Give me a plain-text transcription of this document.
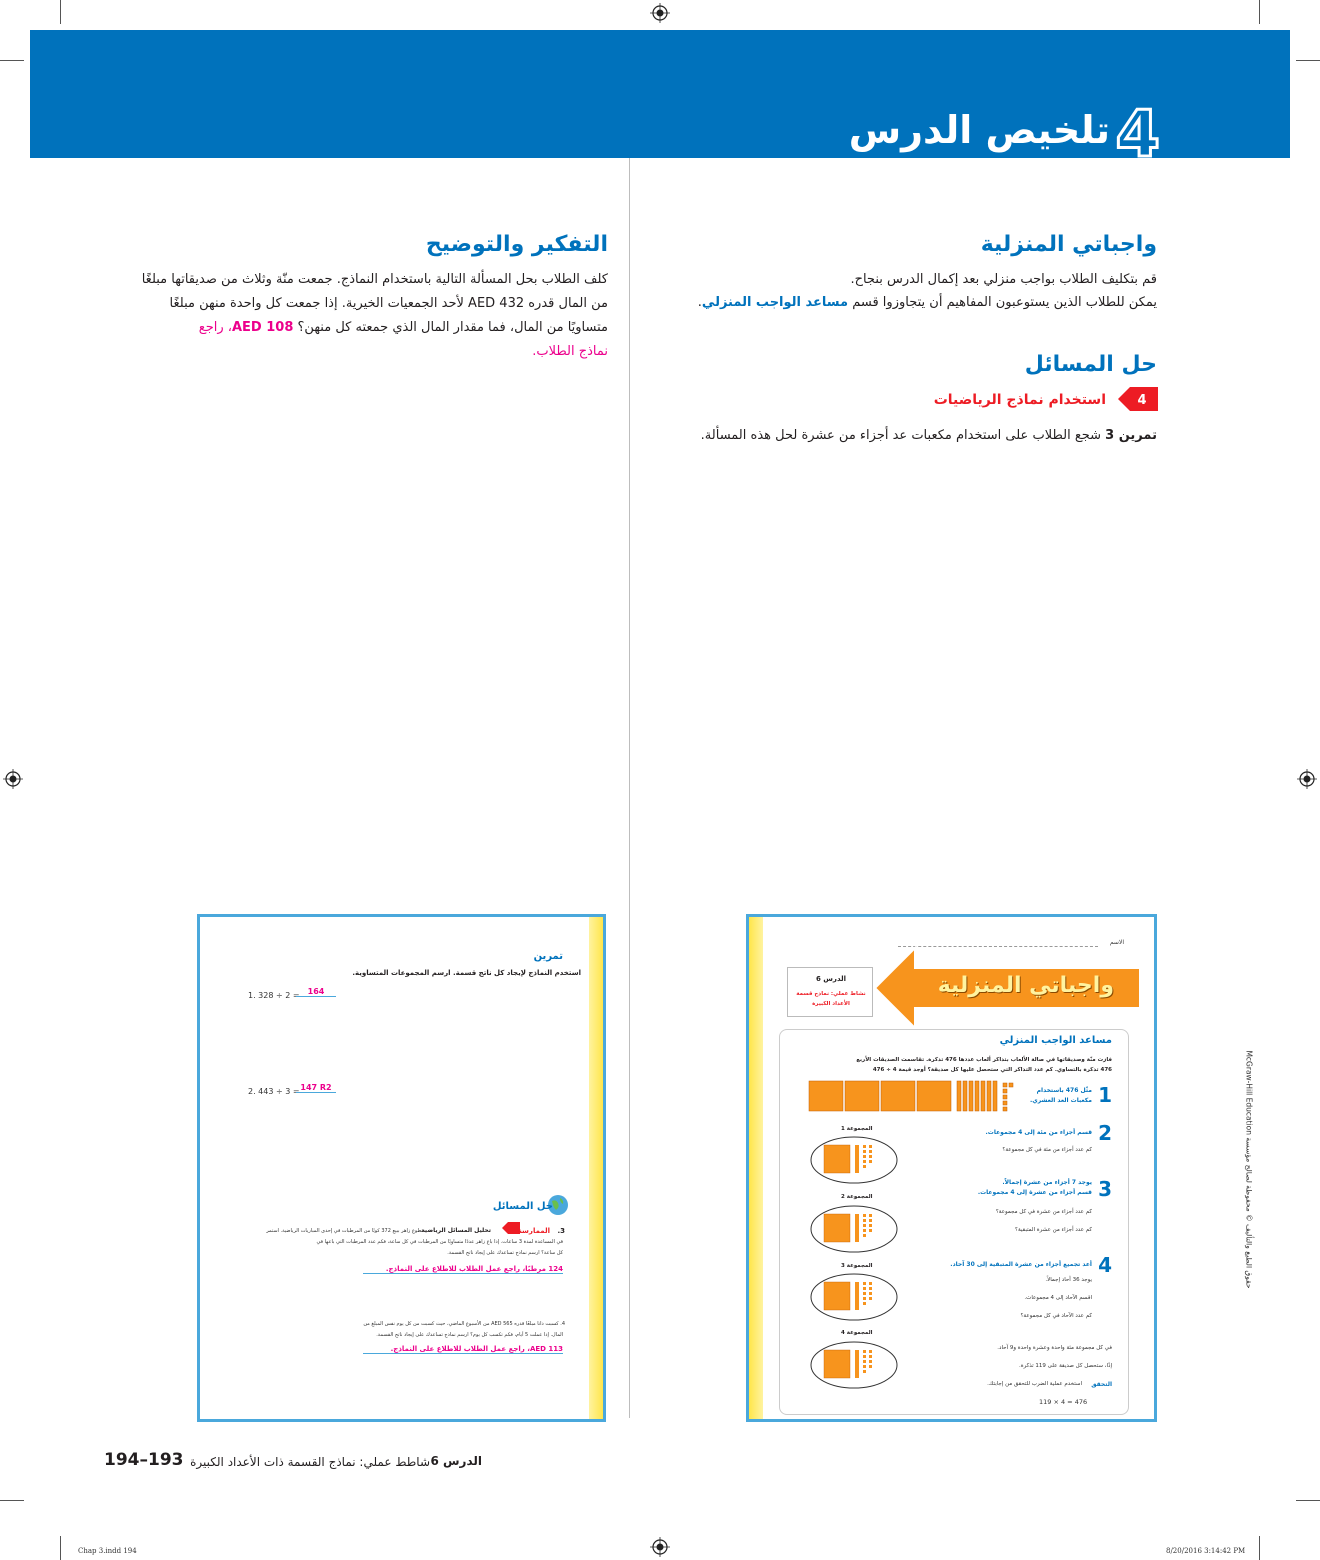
تلخيص الدرس 4
واجباتي المنزلية
قم بتكليف الطلاب بواجب منزلي بعد إكمال الدرس بنجاح.
يمكن للطلاب الذين يستوعبون المفاهيم أن يتجاوزوا قسم مساعد الواجب المنزلي.
حل المسائل
4
استخدام نماذج الرياضيات
تمرين 3 شجع الطلاب على استخدام مكعبات عد أجزاء من عشرة لحل هذه المسألة.
التفكير والتوضيح
كلف الطلاب بحل المسألة التالية باستخدام النماذج. جمعت منّة وثلاث من صديقاتها مبلغًا
من المال قدره AED 432 لأحد الجمعيات الخيرية. إذا جمعت كل واحدة منهن مبلغًا
متساويًا من المال، فما مقدار المال الذي جمعته كل منهن؟ AED 108، راجع
نماذج الطلاب.
تمرين
استخدم النماذج لإيجاد كل ناتج قسمة. ارسم المجموعات المتساوية.
1. 328 ÷ 2 =	164
2. 443 ÷ 3 = 147 R2
حل المسائل
3.
الممارسة
تحليل المسائل الرياضية
تطوع زاهر ببيع 372 كوبًا من المرطبات في إحدى المباريات الرياضية. استمر
في المساعدة لمدة 3 ساعات. إذا باع زاهر عددًا متساويًا من المرطبات في كل ساعة، فكم عدد المرطبات التي باعها في
كل ساعة؟ ارسم نماذج تساعدك على إيجاد ناتج القسمة.
124 مرطبًا، راجع عمل الطلاب للاطلاع على النماذج.
4. كسبت دانا مبلغًا قدره AED 565 من الأسبوع الماضي، حيث كسبت من كل يوم نفس المبلغ من
المال. إذا عملت 5 أيام، فكم تكسب كل يوم؟ ارسم نماذج تساعدك على إيجاد ناتج القسمة.
AED 113، راجع عمل الطلاب للاطلاع على النماذج.
الاسم
واجباتي المنزلية
الدرس 6
نشاط عملي: نماذج قسمة
الأعداد الكبيرة
مساعد الواجب المنزلي
فازت منّة وصديقاتها في صالة الألعاب بتذاكر ألعاب عددها 476 تذكرة. تقاسمت الصديقات الأربع
476 تذكرة بالتساوي. كم عدد التذاكر التي ستحصل عليها كل صديقة؟ أوجد قيمة 4 ÷ 476
1
مثّل 476 باستخدام
مكعبات العد العشري.
المجموعة 1
المجموعة 2
المجموعة 3
المجموعة 4
2
قسم أجزاء من مئة إلى 4 مجموعات.
كم عدد أجزاء من مئة في كل مجموعة؟
3
يوجد 7 أجزاء من عشرة إجمالاً.
قسم أجزاء من عشرة إلى 4 مجموعات.
كم عدد أجزاء من عشرة في كل مجموعة؟
كم عدد أجزاء من عشرة المتبقية؟
4
أعد تجميع أجزاء من عشرة المتبقية إلى 30 آحاد.
يوجد 36 آحاد إجمالاً.
اقسم الآحاد إلى 4 مجموعات.
كم عدد الآحاد في كل مجموعة؟
في كل مجموعة مئة واحدة وعشرة واحدة و9 آحاد.
إذًا، ستحصل كل صديقة على 119 تذكرة.
التحقق
استخدم عملية الضرب للتحقق من إجابتك.
119 × 4 = 476
حقوق الطبع والتأليف © محفوظة لصالح مؤسسة McGraw-Hill Education
الدرس 6
شاطط عملي: نماذج القسمة ذات الأعداد الكبيرة
194–193
Chap 3.indd 194	8/20/2016 3:14:42 PM
